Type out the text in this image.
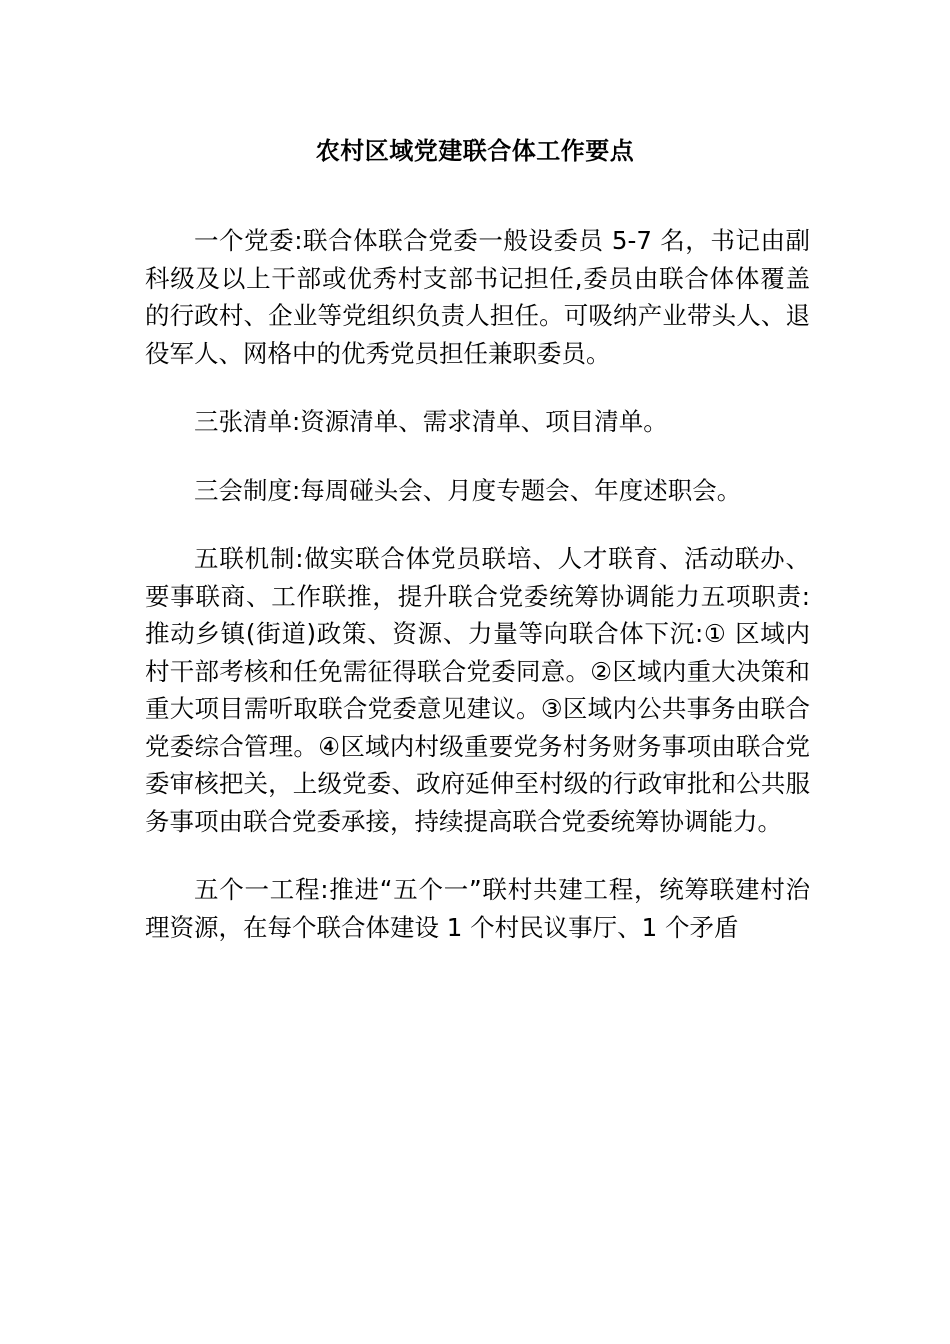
农村区域党建联合体工作要点

一个党委:联合体联合党委一般设委员 5-7 名，书记由副科级及以上干部或优秀村支部书记担任,委员由联合体体覆盖的行政村、企业等党组织负责人担任。可吸纳产业带头人、退役军人、网格中的优秀党员担任兼职委员。

三张清单:资源清单、需求清单、项目清单。

三会制度:每周碰头会、月度专题会、年度述职会。

五联机制:做实联合体党员联培、人才联育、活动联办、要事联商、工作联推，提升联合党委统筹协调能力五项职责:推动乡镇(街道)政策、资源、力量等向联合体下沉:① 区域内村干部考核和任免需征得联合党委同意。②区域内重大决策和重大项目需听取联合党委意见建议。③区域内公共事务由联合党委综合管理。④区域内村级重要党务村务财务事项由联合党委审核把关，上级党委、政府延伸至村级的行政审批和公共服务事项由联合党委承接，持续提高联合党委统筹协调能力。

五个一工程:推进“五个一”联村共建工程，统筹联建村治理资源，在每个联合体建设 1 个村民议事厅、1 个矛盾
